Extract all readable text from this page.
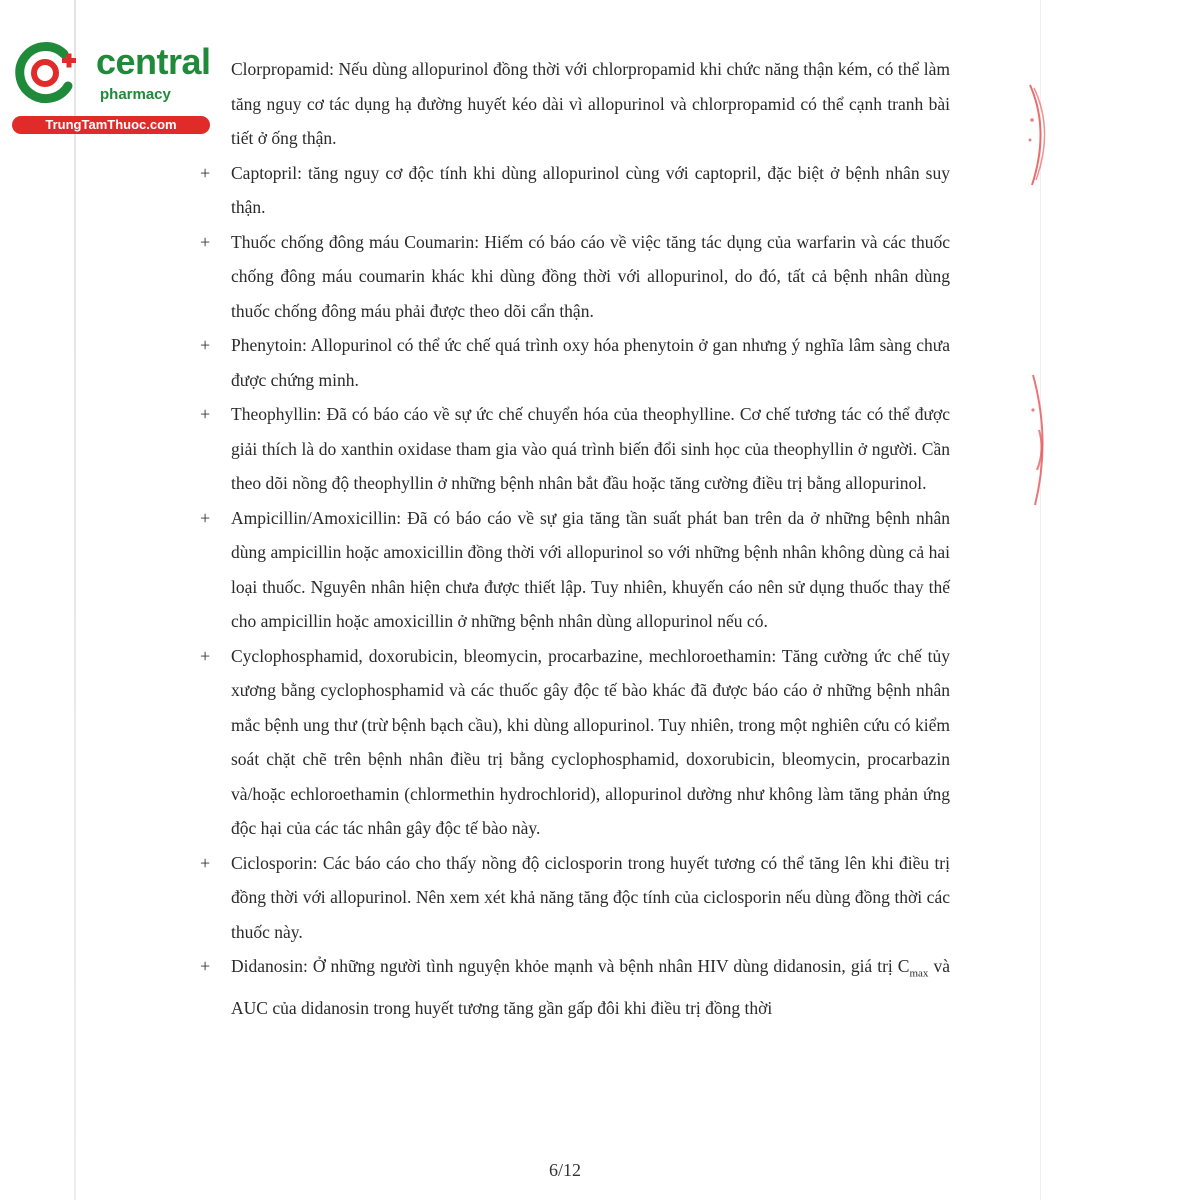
central
pharmacy
TrungTamThuoc.com

Clorpropamid: Nếu dùng allopurinol đồng thời với chlorpropamid khi chức năng thận kém, có thể làm tăng nguy cơ tác dụng hạ đường huyết kéo dài vì allopurinol và chlorpropamid có thể cạnh tranh bài tiết ở ống thận.

+	Captopril: tăng nguy cơ độc tính khi dùng allopurinol cùng với captopril, đặc biệt ở bệnh nhân suy thận.

+	Thuốc chống đông máu Coumarin: Hiếm có báo cáo về việc tăng tác dụng của warfarin và các thuốc chống đông máu coumarin khác khi dùng đồng thời với allopurinol, do đó, tất cả bệnh nhân dùng thuốc chống đông máu phải được theo dõi cẩn thận.

+	Phenytoin: Allopurinol có thể ức chế quá trình oxy hóa phenytoin ở gan nhưng ý nghĩa lâm sàng chưa được chứng minh.

+	Theophyllin: Đã có báo cáo về sự ức chế chuyển hóa của theophylline. Cơ chế tương tác có thể được giải thích là do xanthin oxidase tham gia vào quá trình biến đổi sinh học của theophyllin ở người. Cần theo dõi nồng độ theophyllin ở những bệnh nhân bắt đầu hoặc tăng cường điều trị bằng allopurinol.

+	Ampicillin/Amoxicillin: Đã có báo cáo về sự gia tăng tần suất phát ban trên da ở những bệnh nhân dùng ampicillin hoặc amoxicillin đồng thời với allopurinol so với những bệnh nhân không dùng cả hai loại thuốc. Nguyên nhân hiện chưa được thiết lập. Tuy nhiên, khuyến cáo nên sử dụng thuốc thay thế cho ampicillin hoặc amoxicillin ở những bệnh nhân dùng allopurinol nếu có.

+	Cyclophosphamid, doxorubicin, bleomycin, procarbazine, mechloroethamin: Tăng cường ức chế tủy xương bằng cyclophosphamid và các thuốc gây độc tế bào khác đã được báo cáo ở những bệnh nhân mắc bệnh ung thư (trừ bệnh bạch cầu), khi dùng allopurinol. Tuy nhiên, trong một nghiên cứu có kiểm soát chặt chẽ trên bệnh nhân điều trị bằng cyclophosphamid, doxorubicin, bleomycin, procarbazin và/hoặc echloroethamin (chlormethin hydrochlorid), allopurinol dường như không làm tăng phản ứng độc hại của các tác nhân gây độc tế bào này.

+	Ciclosporin: Các báo cáo cho thấy nồng độ ciclosporin trong huyết tương có thể tăng lên khi điều trị đồng thời với allopurinol. Nên xem xét khả năng tăng độc tính của ciclosporin nếu dùng đồng thời các thuốc này.

+	Didanosin: Ở những người tình nguyện khỏe mạnh và bệnh nhân HIV dùng didanosin, giá trị $C_{max}$ và AUC của didanosin trong huyết tương tăng gần gấp đôi khi điều trị đồng thời

6/12
